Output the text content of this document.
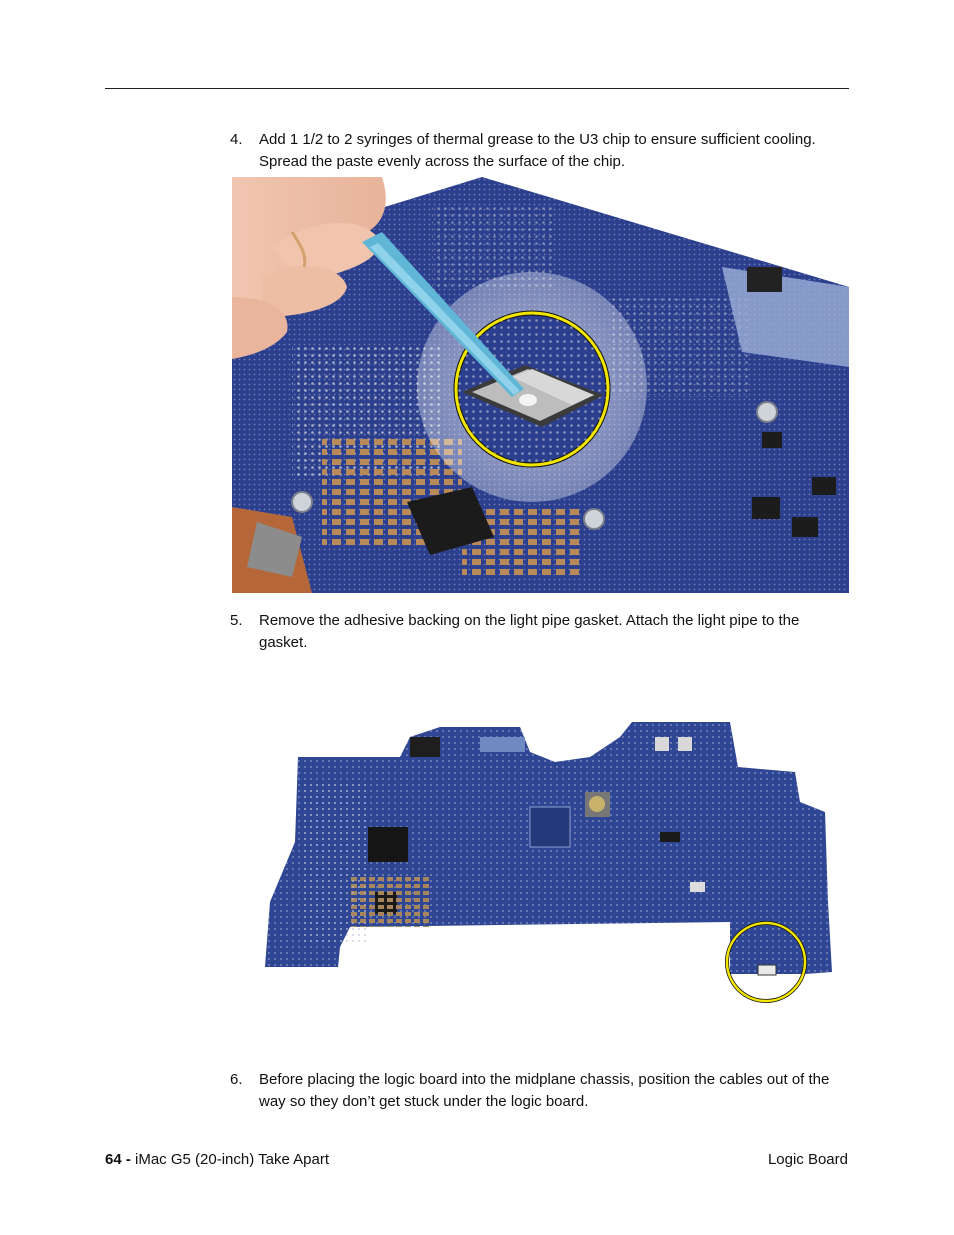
4.	Add 1 1/2 to 2 syringes of thermal grease to the U3 chip to ensure sufficient cooling. Spread the paste evenly across the surface of the chip.
5.	Remove the adhesive backing on the light pipe gasket. Attach the light pipe to the gasket.
6.	Before placing the logic board into the midplane chassis, position the cables out of the way so they don’t get stuck under the logic board.
64 - iMac G5 (20-inch) Take Apart	Logic Board
